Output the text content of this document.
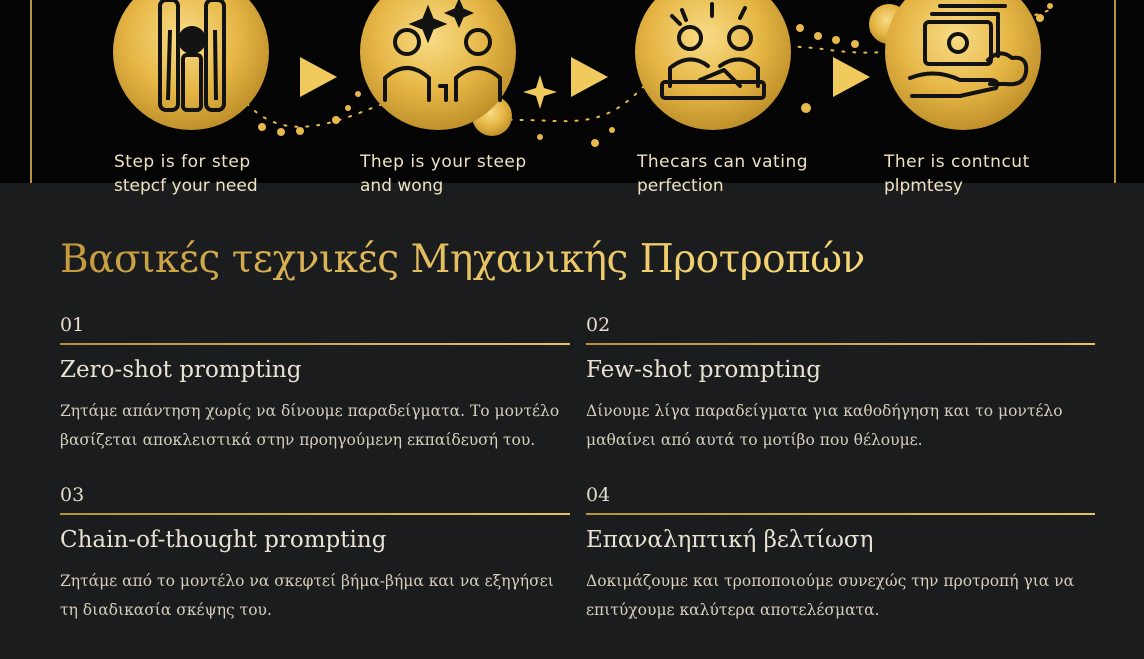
Step is for step
stepcf your need
Thep is your steep
and wong
Thecars can vating
perfection
Ther is contncut
plpmtesy
Βασικές τεχνικές Μηχανικής Προτροπών
01
Zero-shot prompting

Ζητάμε απάντηση χωρίς να δίνουμε παραδείγματα. Το μοντέλο βασίζεται αποκλειστικά στην προηγούμενη εκπαίδευσή του.

02
Few-shot prompting

Δίνουμε λίγα παραδείγματα για καθοδήγηση και το μοντέλο μαθαίνει από αυτά το μοτίβο που θέλουμε.

03
Chain-of-thought prompting

Ζητάμε από το μοντέλο να σκεφτεί βήμα-βήμα και να εξηγήσει τη διαδικασία σκέψης του.

04
Επαναληπτική βελτίωση

Δοκιμάζουμε και τροποποιούμε συνεχώς την προτροπή για να επιτύχουμε καλύτερα αποτελέσματα.
